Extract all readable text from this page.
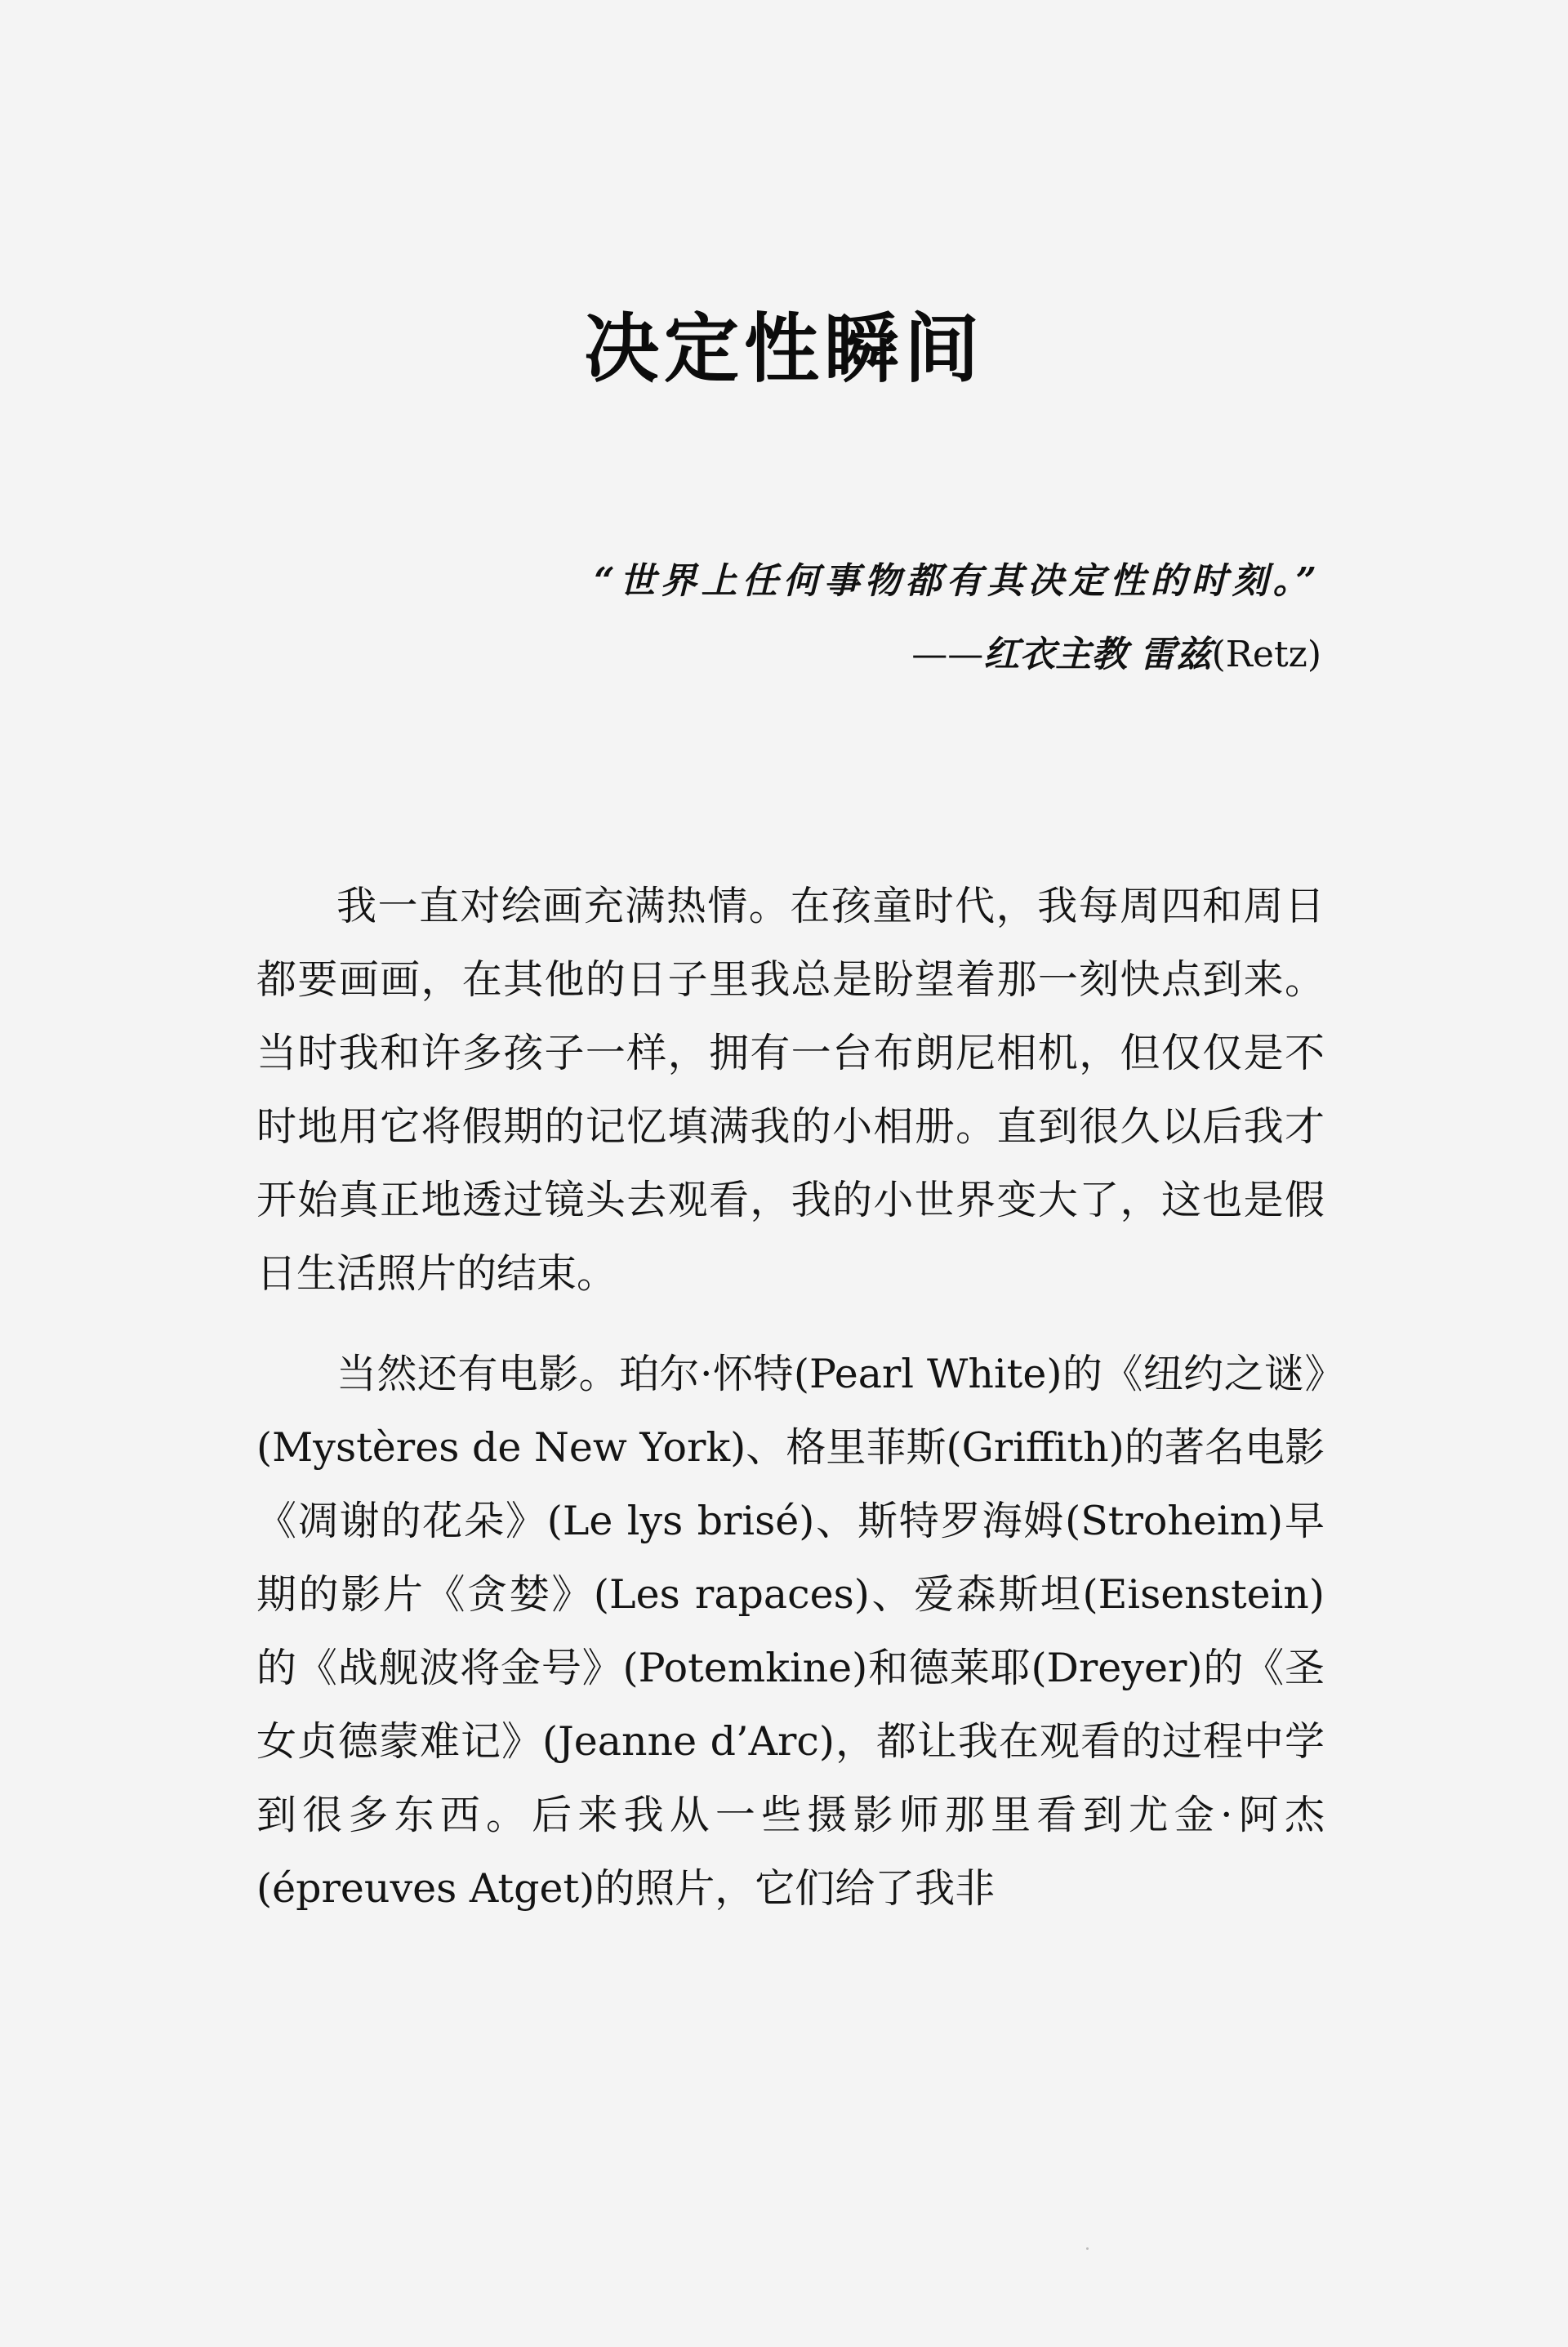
决定性瞬间
“世界上任何事物都有其决定性的时刻。”
——红衣主教 雷兹(Retz)

我一直对绘画充满热情。在孩童时代，我每周四和周日都要画画，在其他的日子里我总是盼望着那一刻快点到来。当时我和许多孩子一样，拥有一台布朗尼相机，但仅仅是不时地用它将假期的记忆填满我的小相册。直到很久以后我才开始真正地透过镜头去观看，我的小世界变大了，这也是假日生活照片的结束。

当然还有电影。珀尔·怀特(Pearl White)的《纽约之谜》(Mystères de New York)、格里菲斯(Griffith)的著名电影《凋谢的花朵》(Le lys brisé)、斯特罗海姆(Stroheim)早期的影片《贪婪》(Les rapaces)、爱森斯坦(Eisenstein)的《战舰波将金号》(Potemkine)和德莱耶(Dreyer)的《圣女贞德蒙难记》(Jeanne d’Arc)，都让我在观看的过程中学到很多东西。后来我从一些摄影师那里看到尤金·阿杰(épreuves Atget)的照片，它们给了我非
